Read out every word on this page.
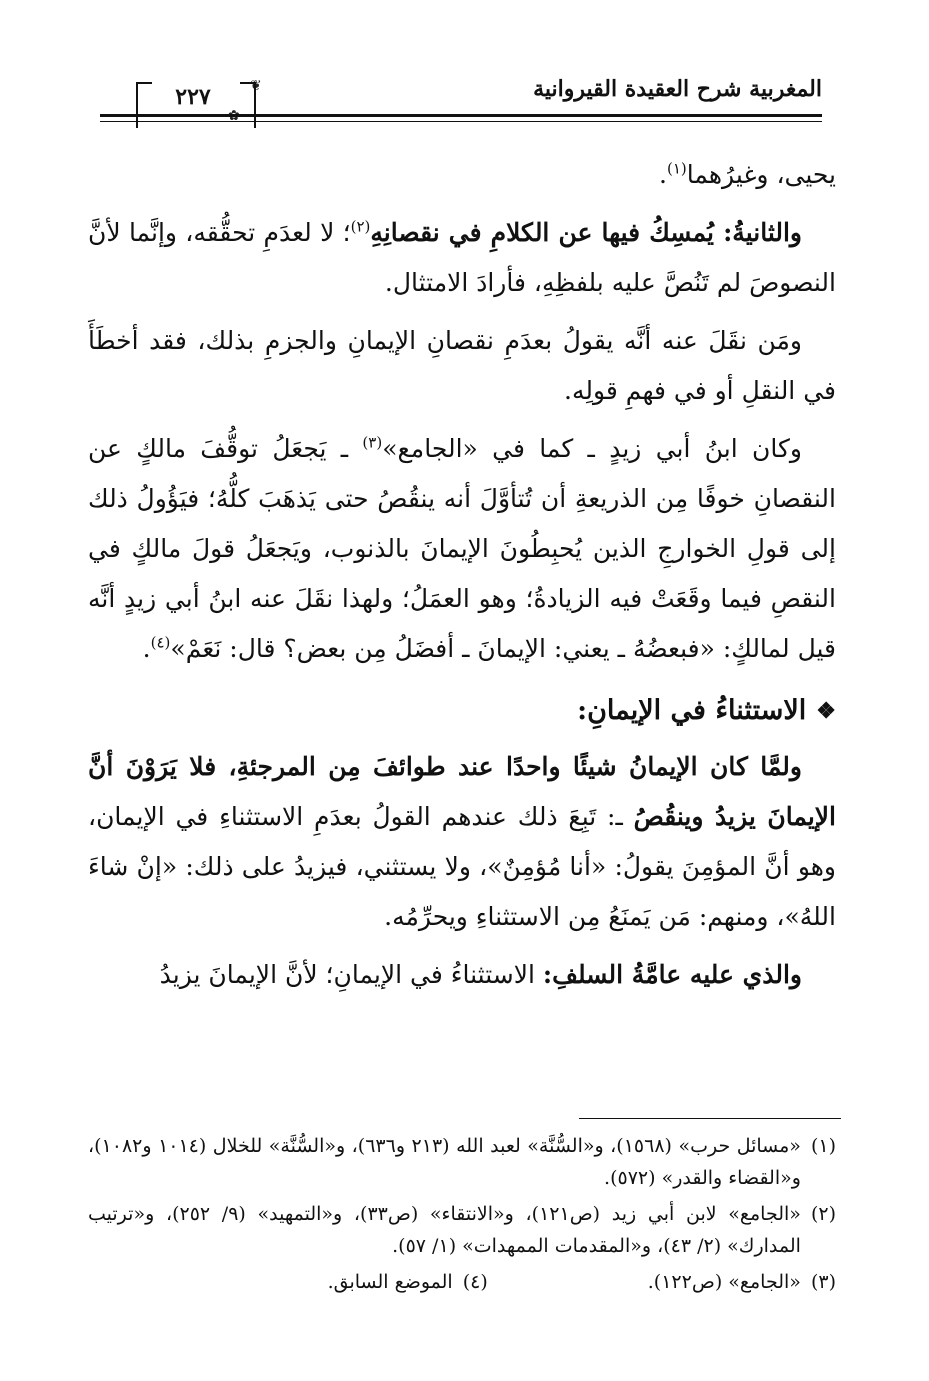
المغربية شرح العقيدة القيروانية
❦
٢٢٧

يحيى، وغيرُهما$^{(١)}$.

والثانيةُ: يُمسِكُ فيها عن الكلامِ في نقصانِهِ$^{(٢)}$؛ لا لعدَمِ تحقُّقه، وإنَّما لأنَّ النصوصَ لم تَنُصَّ عليه بلفظِهِ، فأرادَ الامتثال.

ومَن نقَلَ عنه أنَّه يقولُ بعدَمِ نقصانِ الإيمانِ والجزمِ بذلك، فقد أخطَأَ في النقلِ أو في فهمِ قولِه.

وكان ابنُ أبي زيدٍ ـ كما في «الجامع»$^{(٣)}$ ـ يَجعَلُ توقُّفَ مالكٍ عن النقصانِ خوفًا مِن الذريعةِ أن تُتأوَّلَ أنه ينقُصُ حتى يَذهَبَ كلُّهُ؛ فيَؤُولُ ذلك إلى قولِ الخوارجِ الذين يُحبِطُونَ الإيمانَ بالذنوب، ويَجعَلُ قولَ مالكٍ في النقصِ فيما وقَعَتْ فيه الزيادةُ؛ وهو العمَلُ؛ ولهذا نقَلَ عنه ابنُ أبي زيدٍ أنَّه قيل لمالكٍ: «فبعضُهُ ـ يعني: الإيمانَ ـ أفضَلُ مِن بعض؟ قال: نَعَمْ»$^{(٤)}$.

❖
الاستثناءُ في الإيمانِ:

ولمَّا كان الإيمانُ شيئًا واحدًا عند طوائفَ مِن المرجئةِ، فلا يَرَوْنَ أنَّ الإيمانَ يزيدُ وينقُصُ ـ: تَبِعَ ذلك عندهم القولُ بعدَمِ الاستثناءِ في الإيمان، وهو أنَّ المؤمِنَ يقولُ: «أنا مُؤمِنٌ»، ولا يستثني، فيزيدُ على ذلك: «إنْ شاءَ اللهُ»، ومنهم: مَن يَمنَعُ مِن الاستثناءِ ويحرِّمُه.

والذي عليه عامَّةُ السلفِ: الاستثناءُ في الإيمانِ؛ لأنَّ الإيمانَ يزيدُ

(١)
«مسائل حرب» (١٥٦٨)، و«السُّنَّة» لعبد الله (٢١٣ و٦٣٦)، و«السُّنَّة» للخلال (١٠١٤ و١٠٨٢)، و«القضاء والقدر» (٥٧٢).
(٢)
«الجامع» لابن أبي زيد (ص١٢١)، و«الانتقاء» (ص٣٣)، و«التمهيد» (٩/ ٢٥٢)، و«ترتيب المدارك» (٢/ ٤٣)، و«المقدمات الممهدات» (١/ ٥٧).
(٣)
«الجامع» (ص١٢٢).
(٤)
الموضع السابق.
